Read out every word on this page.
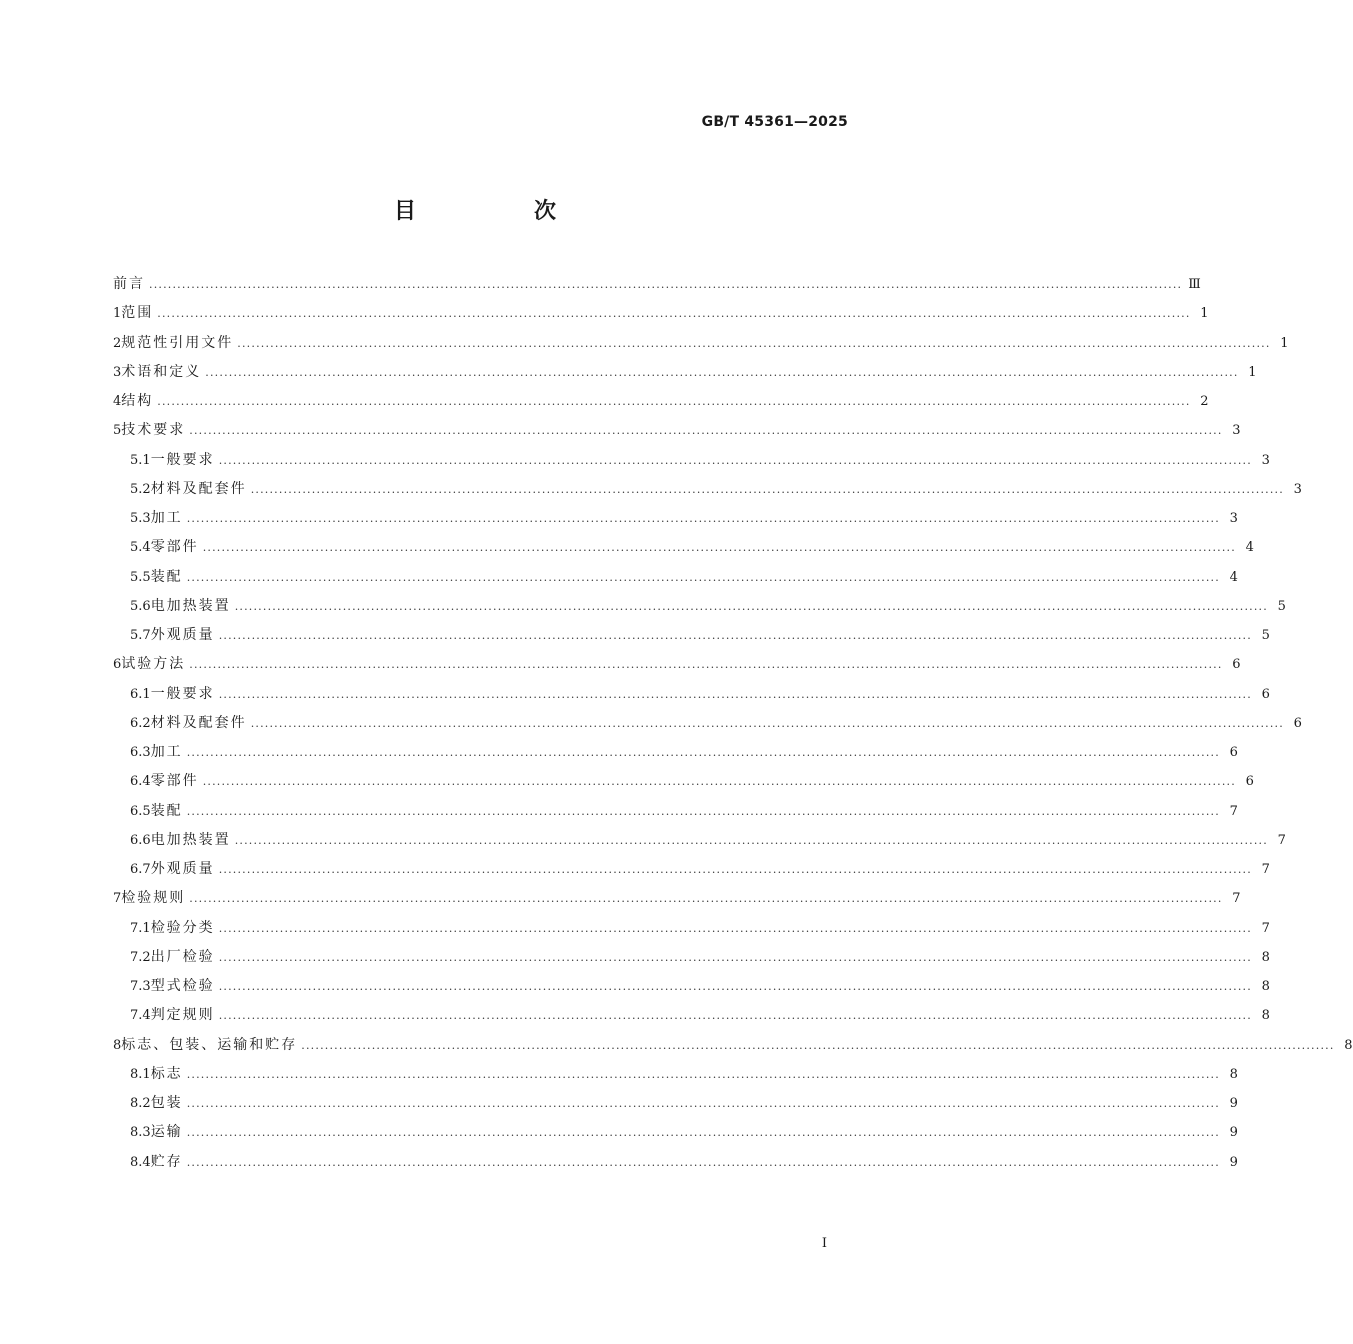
GB/T 45361—2025
目　次
前言 ............................................................................................................................................................................................................................ Ⅲ
1 范围 ............................................................................................................................................................................................................................ 1
2 规范性引用文件 ............................................................................................................................................................................................................................ 1
3 术语和定义 ............................................................................................................................................................................................................................ 1
4 结构 ............................................................................................................................................................................................................................ 2
5 技术要求 ............................................................................................................................................................................................................................ 3
5.1 一般要求 ............................................................................................................................................................................................................................ 3
5.2 材料及配套件 ............................................................................................................................................................................................................................ 3
5.3 加工 ............................................................................................................................................................................................................................ 3
5.4 零部件 ............................................................................................................................................................................................................................ 4
5.5 装配 ............................................................................................................................................................................................................................ 4
5.6 电加热装置 ............................................................................................................................................................................................................................ 5
5.7 外观质量 ............................................................................................................................................................................................................................ 5
6 试验方法 ............................................................................................................................................................................................................................ 6
6.1 一般要求 ............................................................................................................................................................................................................................ 6
6.2 材料及配套件 ............................................................................................................................................................................................................................ 6
6.3 加工 ............................................................................................................................................................................................................................ 6
6.4 零部件 ............................................................................................................................................................................................................................ 6
6.5 装配 ............................................................................................................................................................................................................................ 7
6.6 电加热装置 ............................................................................................................................................................................................................................ 7
6.7 外观质量 ............................................................................................................................................................................................................................ 7
7 检验规则 ............................................................................................................................................................................................................................ 7
7.1 检验分类 ............................................................................................................................................................................................................................ 7
7.2 出厂检验 ............................................................................................................................................................................................................................ 8
7.3 型式检验 ............................................................................................................................................................................................................................ 8
7.4 判定规则 ............................................................................................................................................................................................................................ 8
8 标志、包装、运输和贮存 ............................................................................................................................................................................................................................ 8
8.1 标志 ............................................................................................................................................................................................................................ 8
8.2 包装 ............................................................................................................................................................................................................................ 9
8.3 运输 ............................................................................................................................................................................................................................ 9
8.4 贮存 ............................................................................................................................................................................................................................ 9
Ⅰ
